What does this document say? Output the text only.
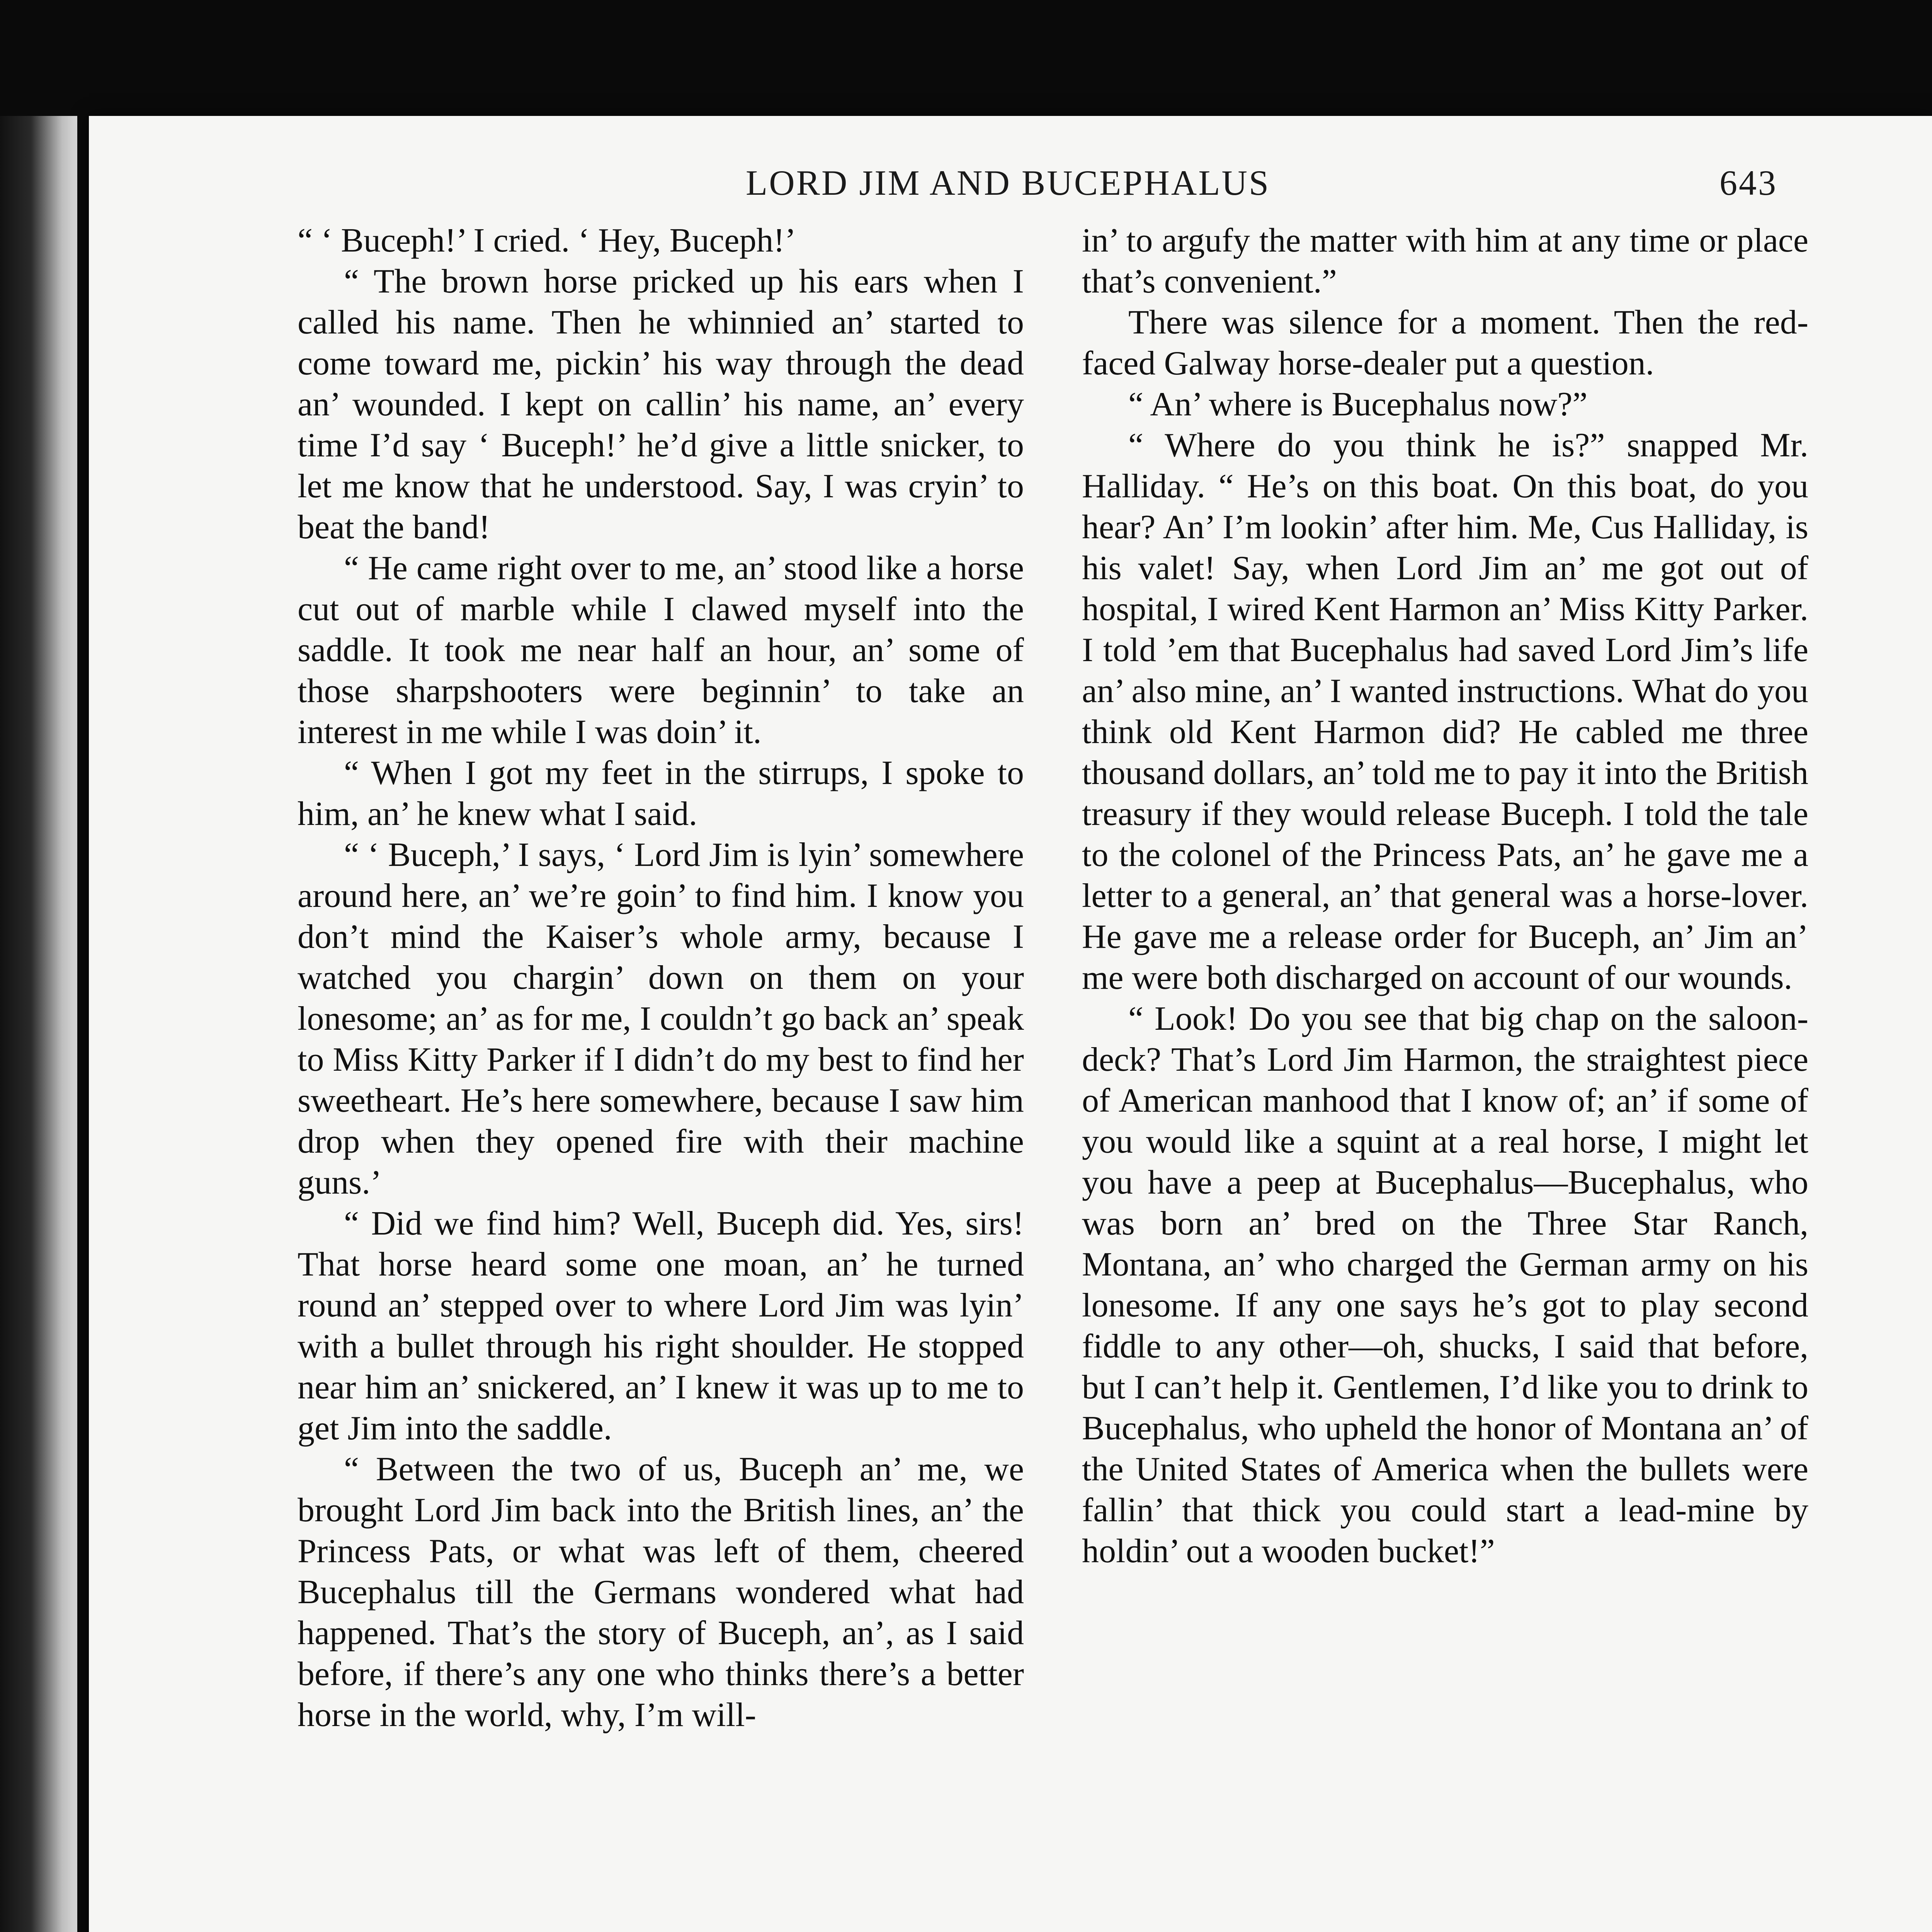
LORD JIM AND BUCEPHALUS	643

“ ‘ Buceph!’ I cried. ‘ Hey, Buceph!’

“ The brown horse pricked up his ears when I called his name. Then he whinnied an’ started to come toward me, pickin’ his way through the dead an’ wounded. I kept on callin’ his name, an’ every time I’d say ‘ Buceph!’ he’d give a little snicker, to let me know that he understood. Say, I was cryin’ to beat the band!

“ He came right over to me, an’ stood like a horse cut out of marble while I clawed myself into the saddle. It took me near half an hour, an’ some of those sharpshooters were beginnin’ to take an interest in me while I was doin’ it.

“ When I got my feet in the stirrups, I spoke to him, an’ he knew what I said.

“ ‘ Buceph,’ I says, ‘ Lord Jim is lyin’ somewhere around here, an’ we’re goin’ to find him. I know you don’t mind the Kaiser’s whole army, because I watched you chargin’ down on them on your lonesome; an’ as for me, I couldn’t go back an’ speak to Miss Kitty Parker if I didn’t do my best to find her sweetheart. He’s here somewhere, because I saw him drop when they opened fire with their machine guns.’

“ Did we find him? Well, Buceph did. Yes, sirs! That horse heard some one moan, an’ he turned round an’ stepped over to where Lord Jim was lyin’ with a bullet through his right shoulder. He stopped near him an’ snickered, an’ I knew it was up to me to get Jim into the saddle.

“ Between the two of us, Buceph an’ me, we brought Lord Jim back into the British lines, an’ the Princess Pats, or what was left of them, cheered Bucephalus till the Germans wondered what had happened. That’s the story of Buceph, an’, as I said before, if there’s any one who thinks there’s a better horse in the world, why, I’m will-

in’ to argufy the matter with him at any time or place that’s convenient.”

There was silence for a moment. Then the red-faced Galway horse-dealer put a question.

“ An’ where is Bucephalus now?”

“ Where do you think he is?” snapped Mr. Halliday. “ He’s on this boat. On this boat, do you hear? An’ I’m lookin’ after him. Me, Cus Halliday, is his valet! Say, when Lord Jim an’ me got out of hospital, I wired Kent Harmon an’ Miss Kitty Parker. I told ’em that Bucephalus had saved Lord Jim’s life an’ also mine, an’ I wanted instructions. What do you think old Kent Harmon did? He cabled me three thousand dollars, an’ told me to pay it into the British treasury if they would release Buceph. I told the tale to the colonel of the Princess Pats, an’ he gave me a letter to a general, an’ that general was a horse-lover. He gave me a release order for Buceph, an’ Jim an’ me were both discharged on account of our wounds.

“ Look! Do you see that big chap on the saloon-deck? That’s Lord Jim Harmon, the straightest piece of American manhood that I know of; an’ if some of you would like a squint at a real horse, I might let you have a peep at Bucephalus—Bucephalus, who was born an’ bred on the Three Star Ranch, Montana, an’ who charged the German army on his lonesome. If any one says he’s got to play second fiddle to any other—oh, shucks, I said that before, but I can’t help it. Gentlemen, I’d like you to drink to Bucephalus, who upheld the honor of Montana an’ of the United States of America when the bullets were fallin’ that thick you could start a lead-mine by holdin’ out a wooden bucket!”
